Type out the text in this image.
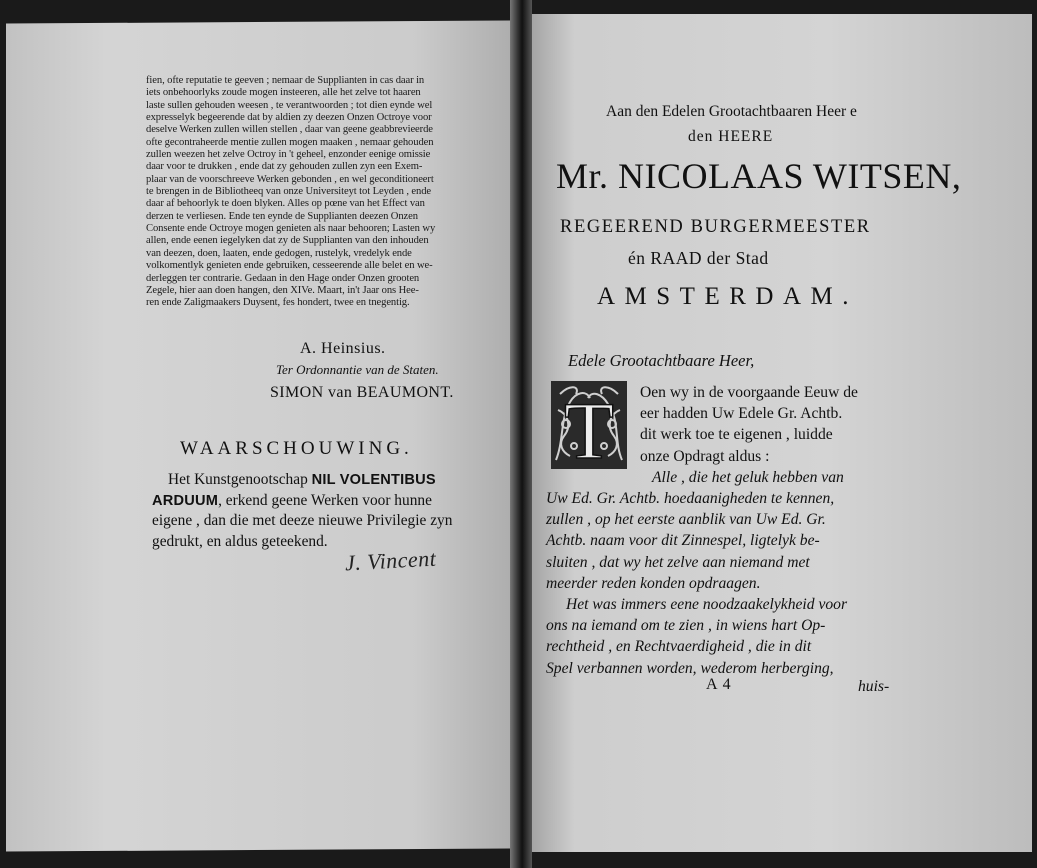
fien, ofte reputatie te geeven ; nemaar de Supplianten in cas daar in
iets onbehoorlyks zoude mogen insteeren, alle het zelve tot haaren
laste sullen gehouden weesen , te verantwoorden ; tot dien eynde wel
expresselyk begeerende dat by aldien zy deezen Onzen Octroye voor
deselve Werken zullen willen stellen , daar van geene geabbrevieerde
ofte gecontraheerde mentie zullen mogen maaken , nemaar gehouden
zullen weezen het zelve Octroy in 't geheel, enzonder eenige omissie
daar voor te drukken , ende dat zy gehouden zullen zyn een Exem-
plaar van de voorschreeve Werken gebonden , en wel geconditioneert
te brengen in de Bibliotheeq van onze Universiteyt tot Leyden , ende
daar af behoorlyk te doen blyken. Alles op pœne van het Effect van
derzen te verliesen. Ende ten eynde de Supplianten deezen Onzen
Consente ende Octroye mogen genieten als naar behooren; Lasten wy
allen, ende eenen iegelyken dat zy de Supplianten van den inhouden
van deezen, doen, laaten, ende gedogen, rustelyk, vredelyk ende
volkomentlyk genieten ende gebruiken, cesseerende alle belet en we-
derleggen ter contrarie. Gedaan in den Hage onder Onzen grooten
Zegele, hier aan doen hangen, den XIVe. Maart, in't Jaar ons Hee-
ren ende Zaligmaakers Duysent, fes hondert, twee en tnegentig.
A. Heinsius.
Ter Ordonnantie van de Staten.
SIMON van BEAUMONT.
WAARSCHOUWING.
Het Kunstgenootschap NIL VOLENTIBUS
ARDUUM, erkend geene Werken voor hunne
eigene , dan die met deeze nieuwe Privilegie zyn
gedrukt, en aldus geteekend.
J. Vincent
Aan den Edelen Grootachtbaaren Heer e
den HEERE
Mr. NICOLAAS WITSEN,
REGEEREND BURGERMEESTER
én RAAD der Stad
AMSTERDAM.
Edele Grootachtbaare Heer,
T	Oen wy in de voorgaande Eeuw de
eer hadden Uw Edele Gr. Achtb.
dit werk toe te eigenen , luidde
onze Opdragt aldus :
Alle , die het geluk hebben van
Uw Ed. Gr. Achtb. hoedaanigheden te kennen,
zullen , op het eerste aanblik van Uw Ed. Gr.
Achtb. naam voor dit Zinnespel, ligtelyk be-
sluiten , dat wy het zelve aan niemand met
meerder reden konden opdraagen.
Het was immers eene noodzaakelykheid voor
ons na iemand om te zien , in wiens hart Op-
rechtheid , en Rechtvaerdigheid , die in dit
Spel verbannen worden, wederom herberging,
A 4	huis-
